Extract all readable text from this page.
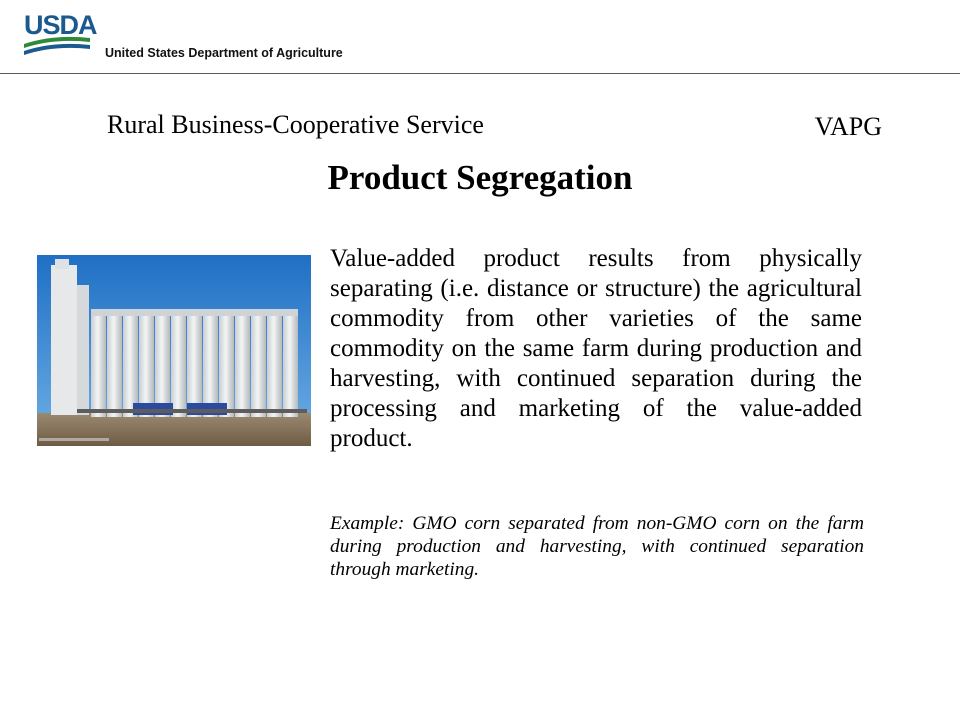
USDA
United States Department of Agriculture
Rural Business-Cooperative Service	VAPG
Product Segregation
Value-added product results from physically separating (i.e. distance or structure) the agricultural commodity from other varieties of the same commodity on the same farm during production and harvesting, with continued separation during the processing and marketing of the value-added product.
Example: GMO corn separated from non-GMO corn on the farm during production and harvesting, with continued separation through marketing.
